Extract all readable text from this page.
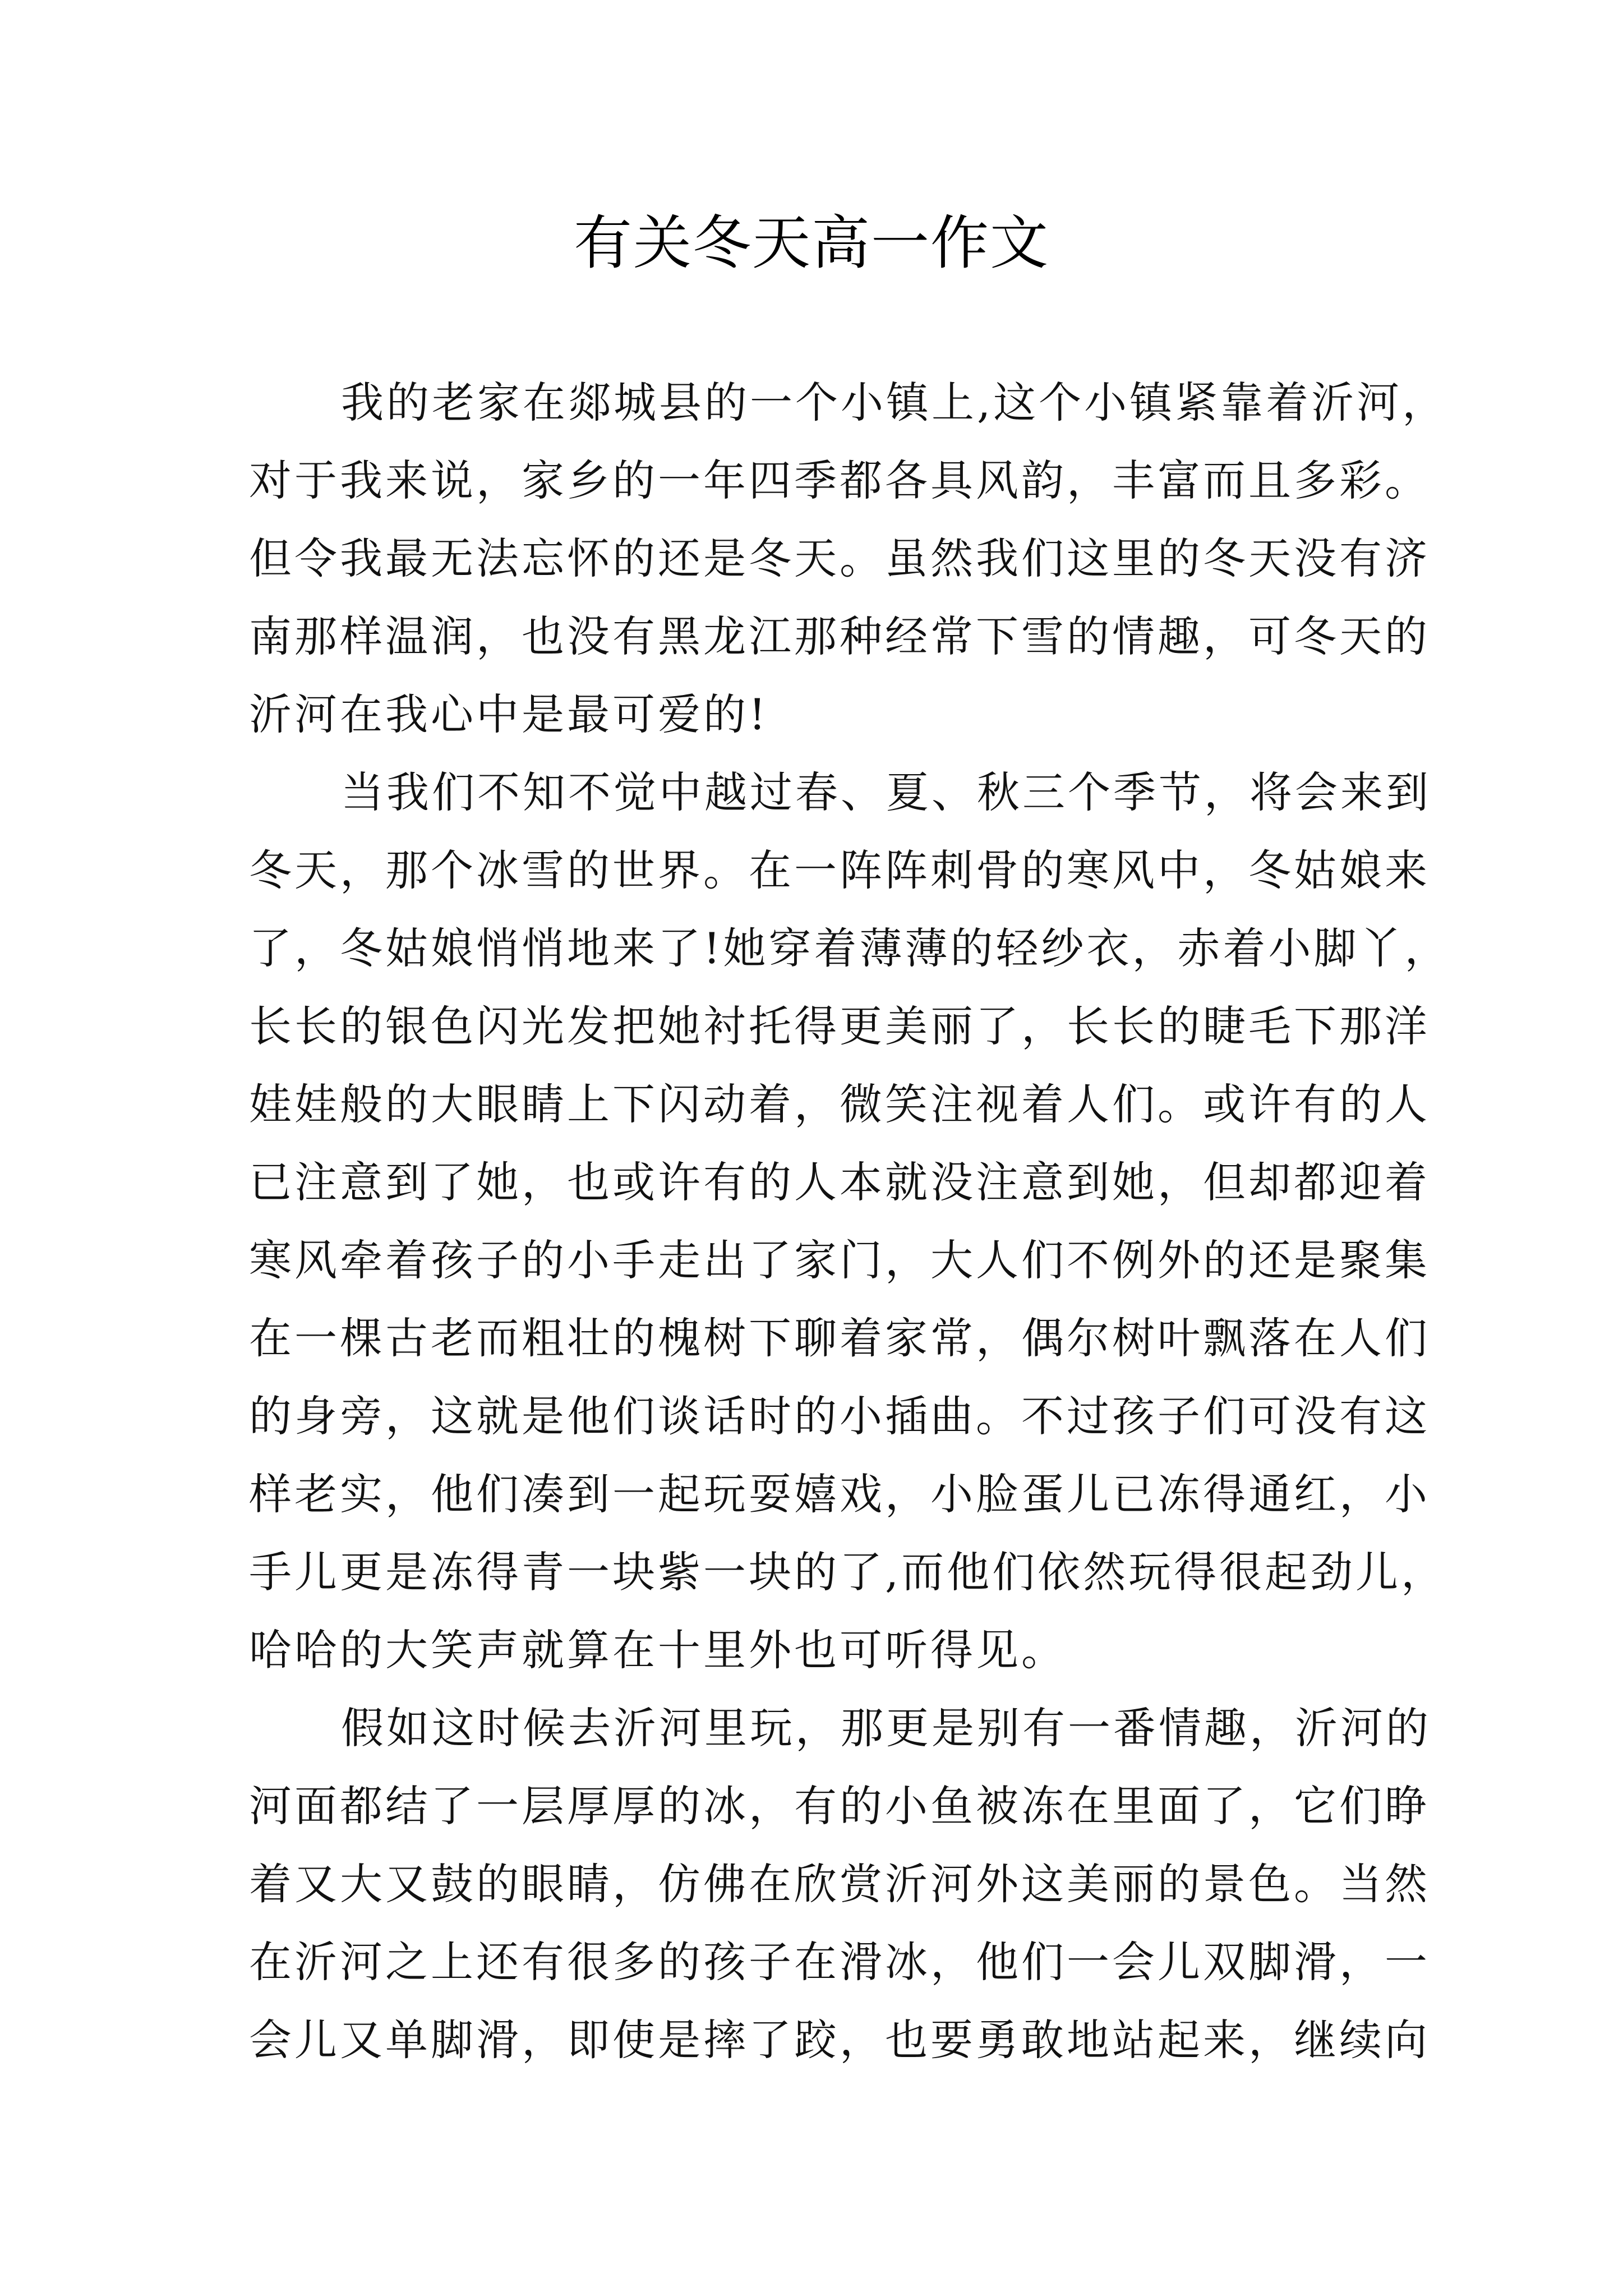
有关冬天高一作文
我的老家在郯城县的一个小镇上,这个小镇紧靠着沂河，
对于我来说，家乡的一年四季都各具风韵，丰富而且多彩。
但令我最无法忘怀的还是冬天。虽然我们这里的冬天没有济
南那样温润，也没有黑龙江那种经常下雪的情趣，可冬天的
沂河在我心中是最可爱的!
当我们不知不觉中越过春、夏、秋三个季节，将会来到
冬天，那个冰雪的世界。在一阵阵刺骨的寒风中，冬姑娘来
了，冬姑娘悄悄地来了!她穿着薄薄的轻纱衣，赤着小脚丫，
长长的银色闪光发把她衬托得更美丽了，长长的睫毛下那洋
娃娃般的大眼睛上下闪动着，微笑注视着人们。或许有的人
已注意到了她，也或许有的人本就没注意到她，但却都迎着
寒风牵着孩子的小手走出了家门，大人们不例外的还是聚集
在一棵古老而粗壮的槐树下聊着家常，偶尔树叶飘落在人们
的身旁，这就是他们谈话时的小插曲。不过孩子们可没有这
样老实，他们凑到一起玩耍嬉戏，小脸蛋儿已冻得通红，小
手儿更是冻得青一块紫一块的了,而他们依然玩得很起劲儿，
哈哈的大笑声就算在十里外也可听得见。
假如这时候去沂河里玩，那更是别有一番情趣，沂河的
河面都结了一层厚厚的冰，有的小鱼被冻在里面了，它们睁
着又大又鼓的眼睛，仿佛在欣赏沂河外这美丽的景色。当然
在沂河之上还有很多的孩子在滑冰，他们一会儿双脚滑，一
会儿又单脚滑，即使是摔了跤，也要勇敢地站起来，继续向
